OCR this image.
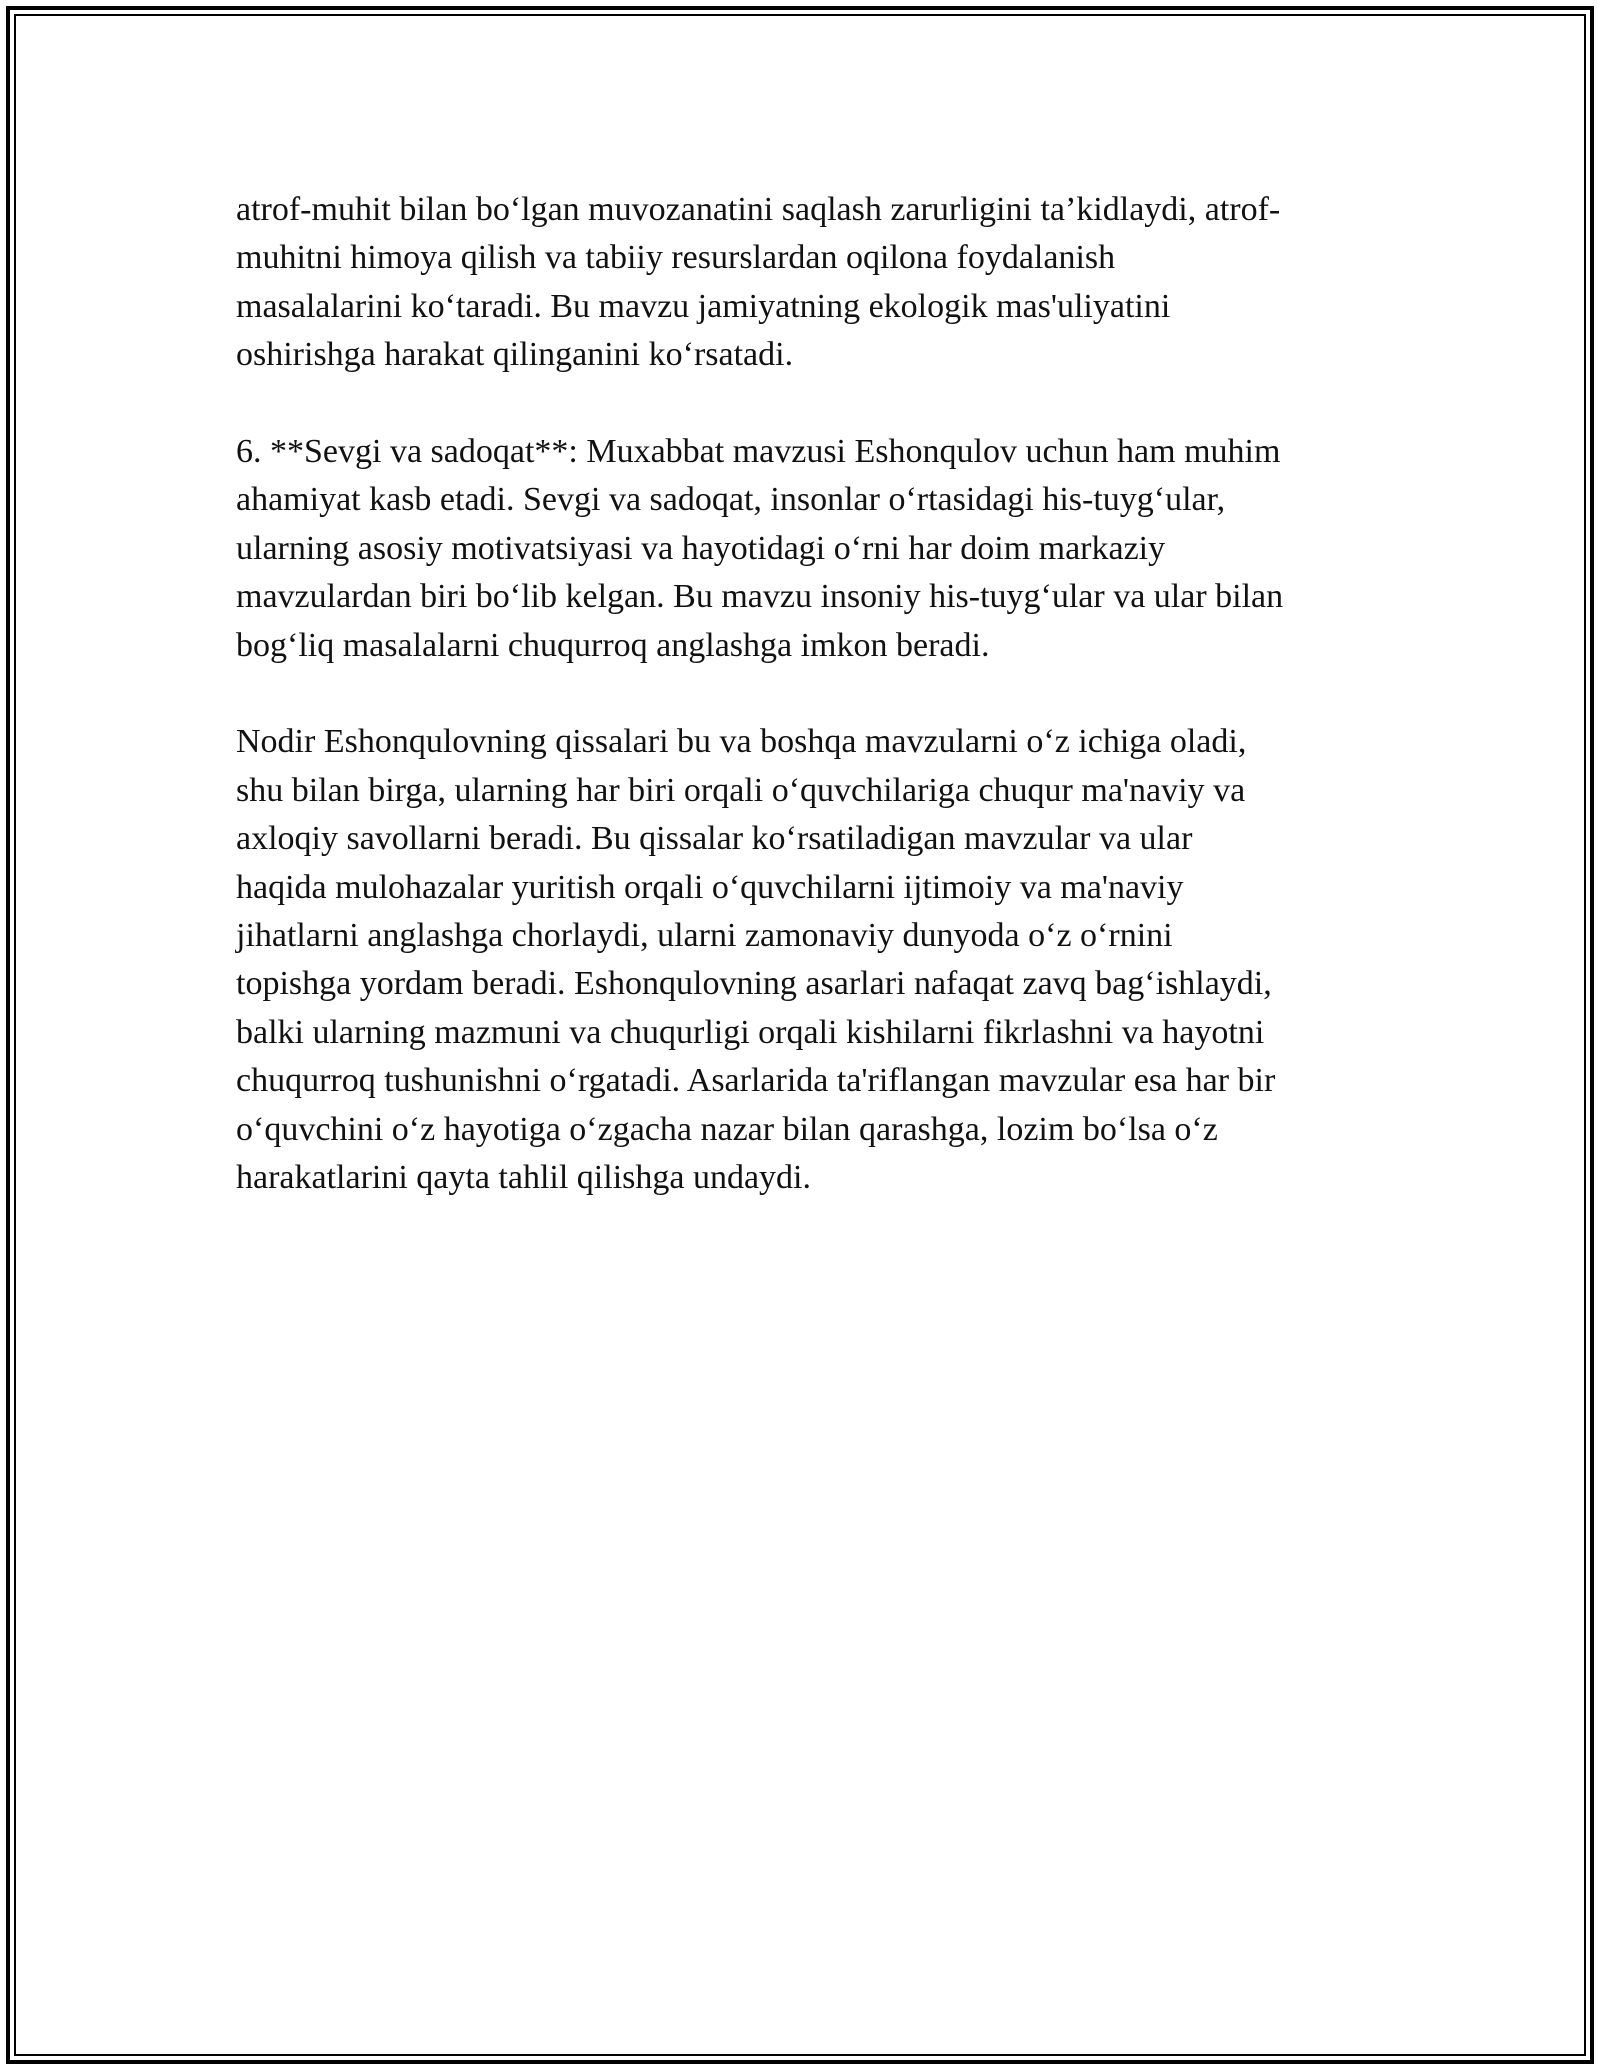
atrof-muhit bilan bo‘lgan muvozanatini saqlash zarurligini ta’kidlaydi, atrof-
muhitni himoya qilish va tabiiy resurslardan oqilona foydalanish
masalalarini ko‘taradi. Bu mavzu jamiyatning ekologik mas'uliyatini
oshirishga harakat qilinganini ko‘rsatadi.

6. **Sevgi va sadoqat**: Muxabbat mavzusi Eshonqulov uchun ham muhim
ahamiyat kasb etadi. Sevgi va sadoqat, insonlar o‘rtasidagi his-tuyg‘ular,
ularning asosiy motivatsiyasi va hayotidagi o‘rni har doim markaziy
mavzulardan biri bo‘lib kelgan. Bu mavzu insoniy his-tuyg‘ular va ular bilan
bog‘liq masalalarni chuqurroq anglashga imkon beradi.

Nodir Eshonqulovning qissalari bu va boshqa mavzularni o‘z ichiga oladi,
shu bilan birga, ularning har biri orqali o‘quvchilariga chuqur ma'naviy va
axloqiy savollarni beradi. Bu qissalar ko‘rsatiladigan mavzular va ular
haqida mulohazalar yuritish orqali o‘quvchilarni ijtimoiy va ma'naviy
jihatlarni anglashga chorlaydi, ularni zamonaviy dunyoda o‘z o‘rnini
topishga yordam beradi. Eshonqulovning asarlari nafaqat zavq bag‘ishlaydi,
balki ularning mazmuni va chuqurligi orqali kishilarni fikrlashni va hayotni
chuqurroq tushunishni o‘rgatadi. Asarlarida ta'riflangan mavzular esa har bir
o‘quvchini o‘z hayotiga o‘zgacha nazar bilan qarashga, lozim bo‘lsa o‘z
harakatlarini qayta tahlil qilishga undaydi.
